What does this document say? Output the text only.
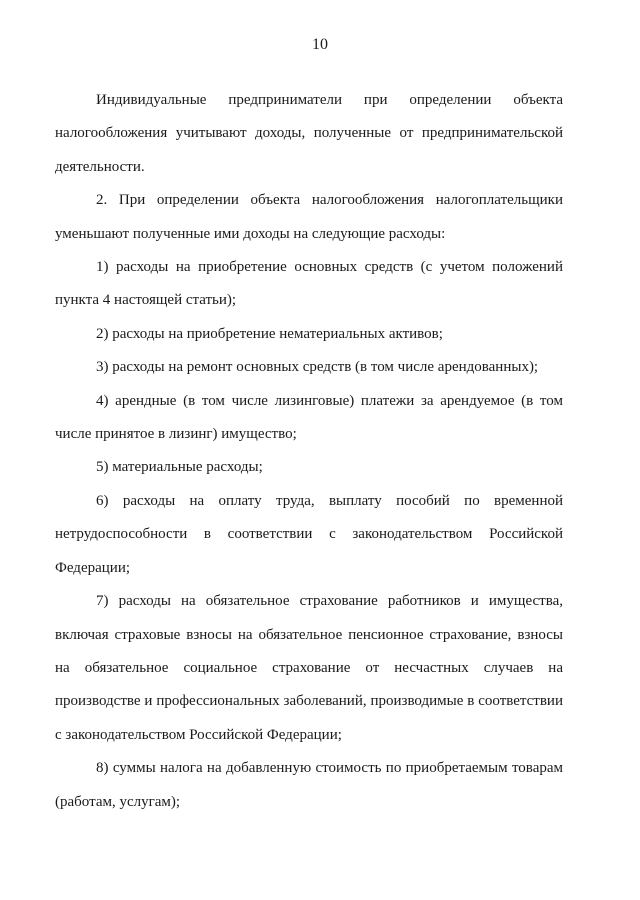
10

Индивидуальные предприниматели при определении объекта налогообложения учитывают доходы, полученные от предпринимательской деятельности.

2. При определении объекта налогообложения налогоплательщики уменьшают полученные ими доходы на следующие расходы:

1) расходы на приобретение основных средств (с учетом положений пункта 4 настоящей статьи);

2) расходы на приобретение нематериальных активов;

3) расходы на ремонт основных средств (в том числе арендованных);

4) арендные (в том числе лизинговые) платежи за арендуемое (в том числе принятое в лизинг) имущество;

5) материальные расходы;

6) расходы на оплату труда, выплату пособий по временной нетрудоспособности в соответствии с законодательством Российской Федерации;

7) расходы на обязательное страхование работников и имущества, включая страховые взносы на обязательное пенсионное страхование, взносы на обязательное социальное страхование от несчастных случаев на производстве и профессиональных заболеваний, производимые в соответствии с законодательством Российской Федерации;

8) суммы налога на добавленную стоимость по приобретаемым товарам (работам, услугам);
